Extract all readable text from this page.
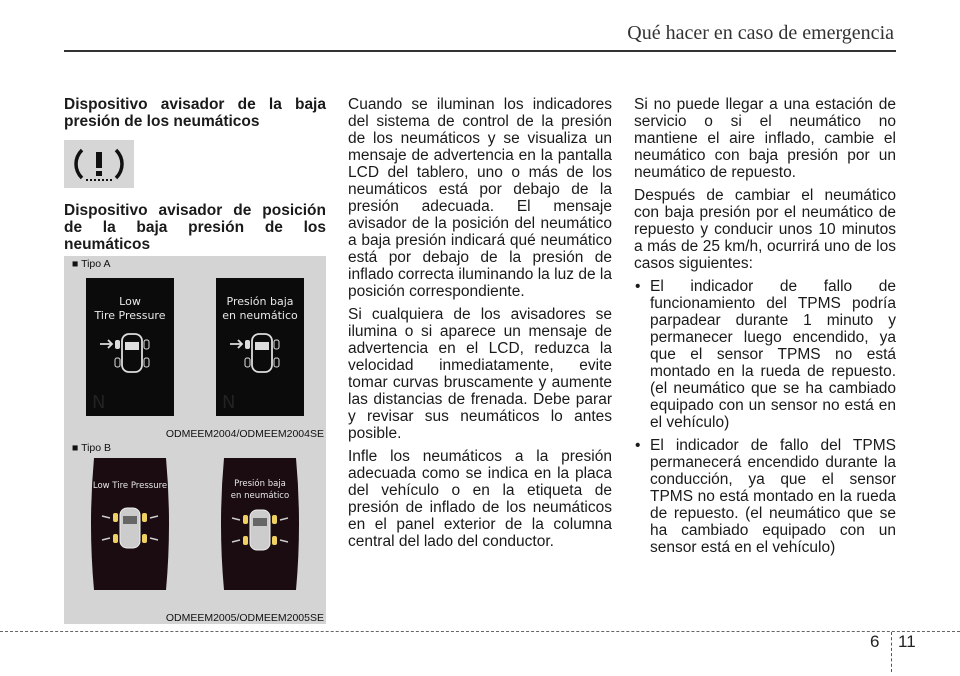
Qué hacer en caso de emergencia

Dispositivo avisador de la baja presión de los neumáticos

Dispositivo avisador de posición de la baja presión de los neumáticos

■ Tipo A
Low
Tire Pressure
N
Presión baja
en neumático
N
ODMEEM2004/ODMEEM2004SE
■ Tipo B
Low Tire Pressure	Presión baja
en neumático
ODMEEM2005/ODMEEM2005SE

Cuando se iluminan los indicadores del sistema de control de la presión de los neumáticos y se visualiza un mensaje de advertencia en la pantalla LCD del tablero, uno o más de los neumáticos está por debajo de la presión adecuada. El mensaje avisador de la posición del neumático a baja presión indicará qué neumático está por debajo de la presión de inflado correcta iluminando la luz de la posición correspondiente.

Si cualquiera de los avisadores se ilumina o si aparece un mensaje de advertencia en el LCD, reduzca la velocidad inmediatamente, evite tomar curvas bruscamente y aumente las distancias de frenada. Debe parar y revisar sus neumáticos lo antes posible.

Infle los neumáticos a la presión adecuada como se indica en la placa del vehículo o en la etiqueta de presión de inflado de los neumáticos en el panel exterior de la columna central del lado del conductor.

Si no puede llegar a una estación de servicio o si el neumático no mantiene el aire inflado, cambie el neumático con baja presión por un neumático de repuesto.

Después de cambiar el neumático con baja presión por el neumático de repuesto y conducir unos 10 minutos a más de 25 km/h, ocurrirá uno de los casos siguientes:

• El indicador de fallo de funcionamiento del TPMS podría parpadear durante 1 minuto y permanecer luego encendido, ya que el sensor TPMS no está montado en la rueda de repuesto. (el neumático que se ha cambiado equipado con un sensor no está en el vehículo)
• El indicador de fallo del TPMS permanecerá encendido durante la conducción, ya que el sensor TPMS no está montado en la rueda de repuesto. (el neumático que se ha cambiado equipado con un sensor está en el vehículo)
6 11
